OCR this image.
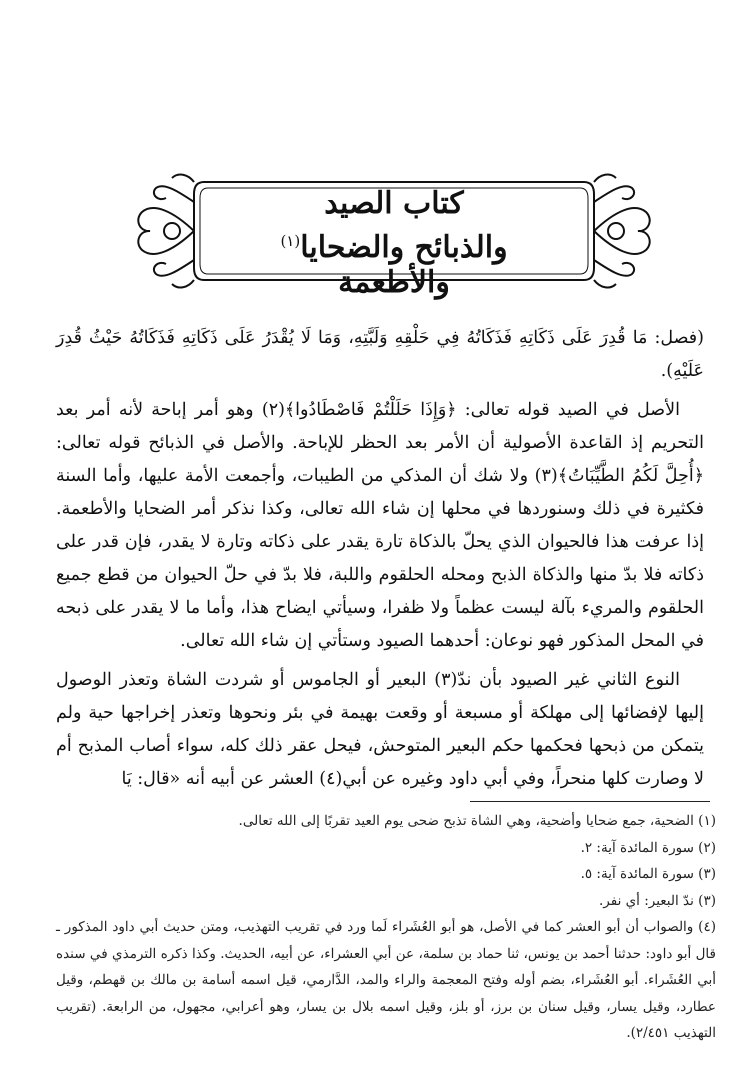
كتاب الصيد
والذبائح والضحايا$^{(١)}$ والأطعمة

(فصل: مَا قُدِرَ عَلَى ذَكَاتِهِ فَذَكَاتُهُ فِي حَلْقِهِ وَلَبَّتِهِ، وَمَا لَا يُقْدَرُ عَلَى ذَكَاتِهِ فَذَكَاتُهُ حَيْثُ قُدِرَ عَلَيْهِ).

الأصل في الصيد قوله تعالى: ﴿وَإِذَا حَلَلْتُمْ فَاصْطَادُوا﴾(٢) وهو أمر إباحة لأنه أمر بعد التحريم إذ القاعدة الأصولية أن الأمر بعد الحظر للإباحة. والأصل في الذبائح قوله تعالى: ﴿أُحِلَّ لَكُمُ الطَّيِّبَاتُ﴾(٣) ولا شك أن المذكي من الطيبات، وأجمعت الأمة عليها، وأما السنة فكثيرة في ذلك وسنوردها في محلها إن شاء الله تعالى، وكذا نذكر أمر الضحايا والأطعمة. إذا عرفت هذا فالحيوان الذي يحلّ بالذكاة تارة يقدر على ذكاته وتارة لا يقدر، فإن قدر على ذكاته فلا بدّ منها والذكاة الذبح ومحله الحلقوم واللبة، فلا بدّ في حلّ الحيوان من قطع جميع الحلقوم والمريء بآلة ليست عظماً ولا ظفرا، وسيأتي ايضاح هذا، وأما ما لا يقدر على ذبحه في المحل المذكور فهو نوعان: أحدهما الصيود وستأتي إن شاء الله تعالى.

النوع الثاني غير الصيود بأن ندّ(٣) البعير أو الجاموس أو شردت الشاة وتعذر الوصول إليها لإفضائها إلى مهلكة أو مسبعة أو وقعت بهيمة في بئر ونحوها وتعذر إخراجها حية ولم يتمكن من ذبحها فحكمها حكم البعير المتوحش، فيحل عقر ذلك كله، سواء أصاب المذبح أم لا وصارت كلها منحراً، وفي أبي داود وغيره عن أبي(٤) العشر عن أبيه أنه «قال: يَا

(١) الضحية، جمع ضحايا وأضحية، وهي الشاة تذبح ضحى يوم العيد تقربًا إلى الله تعالى.
(٢) سورة المائدة آية: ٢.
(٣) سورة المائدة آية: ٥.
(٣) ندّ البعير: أي نفر.
(٤) والصواب أن أبو العشر كما في الأصل، هو أبو العُشَراء لَما ورد في تقريب التهذيب، ومتن حديث أبي داود المذكور ـ قال أبو داود: حدثنا أحمد بن يونس، ثنا حماد بن سلمة، عن أبي العشراء، عن أبيه، الحديث. وكذا ذكره الترمذي في سنده أبي العُشَراء. أبو العُشَراء، بضم أوله وفتح المعجمة والراء والمد، الدَّارمي، قيل اسمه أسامة بن مالك بن قهطم، وقيل عطارد، وقيل يسار، وقيل سنان بن برز، أو بلز، وقيل اسمه بلال بن يسار، وهو أعرابي، مجهول، من الرابعة. (تقريب التهذيب ٢/٤٥١).
